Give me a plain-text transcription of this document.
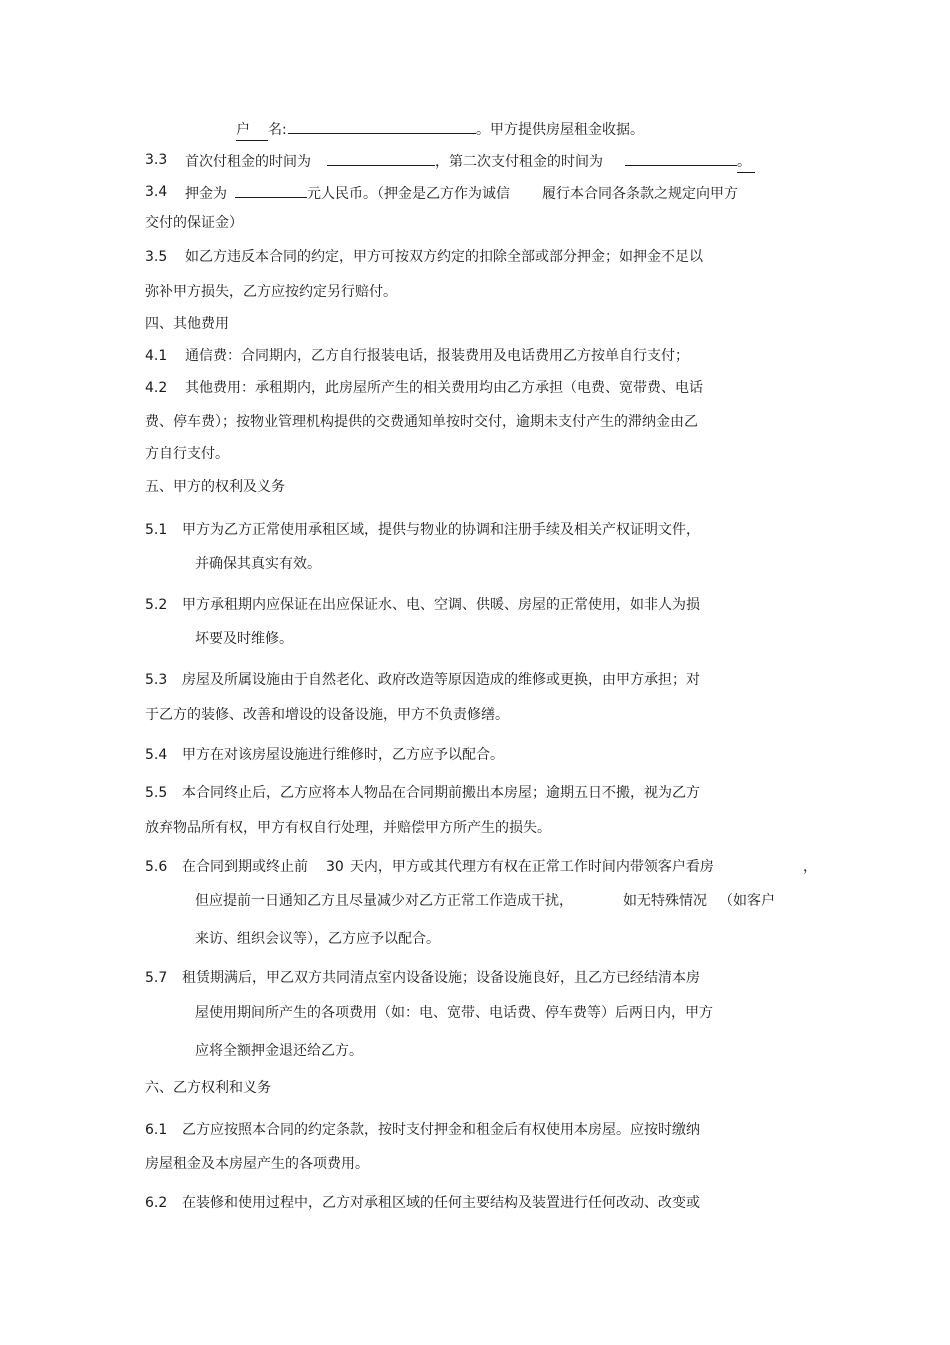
户 名:	。甲方提供房屋租金收据。
3.3 首次付租金的时间为	，第二次支付租金的时间为	。
3.4 押金为	元人民币。（押金是乙方作为诚信 履行本合同各条款之规定向甲方
交付的保证金）
3.5 如乙方违反本合同的约定，甲方可按双方约定的扣除全部或部分押金；如押金不足以
弥补甲方损失，乙方应按约定另行赔付。
四、其他费用
4.1 通信费：合同期内，乙方自行报装电话，报装费用及电话费用乙方按单自行支付；
4.2 其他费用：承租期内，此房屋所产生的相关费用均由乙方承担（电费、宽带费、电话
费、停车费）；按物业管理机构提供的交费通知单按时交付，逾期未支付产生的滞纳金由乙
方自行支付。
五、甲方的权利及义务
5.1 甲方为乙方正常使用承租区域，提供与物业的协调和注册手续及相关产权证明文件，
并确保其真实有效。
5.2 甲方承租期内应保证在出应保证水、电、空调、供暖、房屋的正常使用，如非人为损
坏要及时维修。
5.3 房屋及所属设施由于自然老化、政府改造等原因造成的维修或更换，由甲方承担；对
于乙方的装修、改善和增设的设备设施，甲方不负责修缮。
5.4 甲方在对该房屋设施进行维修时，乙方应予以配合。
5.5 本合同终止后，乙方应将本人物品在合同期前搬出本房屋；逾期五日不搬，视为乙方
放弃物品所有权，甲方有权自行处理，并赔偿甲方所产生的损失。
5.6 在合同到期或终止前 30 天内，甲方或其代理方有权在正常工作时间内带领客户看房	，
但应提前一日通知乙方且尽量减少对乙方正常工作造成干扰，	如无特殊情况 （如客户
来访、组织会议等），乙方应予以配合。
5.7 租赁期满后，甲乙双方共同清点室内设备设施；设备设施良好，且乙方已经结清本房
屋使用期间所产生的各项费用（如：电、宽带、电话费、停车费等）后两日内，甲方
应将全额押金退还给乙方。
六、乙方权利和义务
6.1 乙方应按照本合同的约定条款，按时支付押金和租金后有权使用本房屋。应按时缴纳
房屋租金及本房屋产生的各项费用。
6.2 在装修和使用过程中，乙方对承租区域的任何主要结构及装置进行任何改动、改变或
